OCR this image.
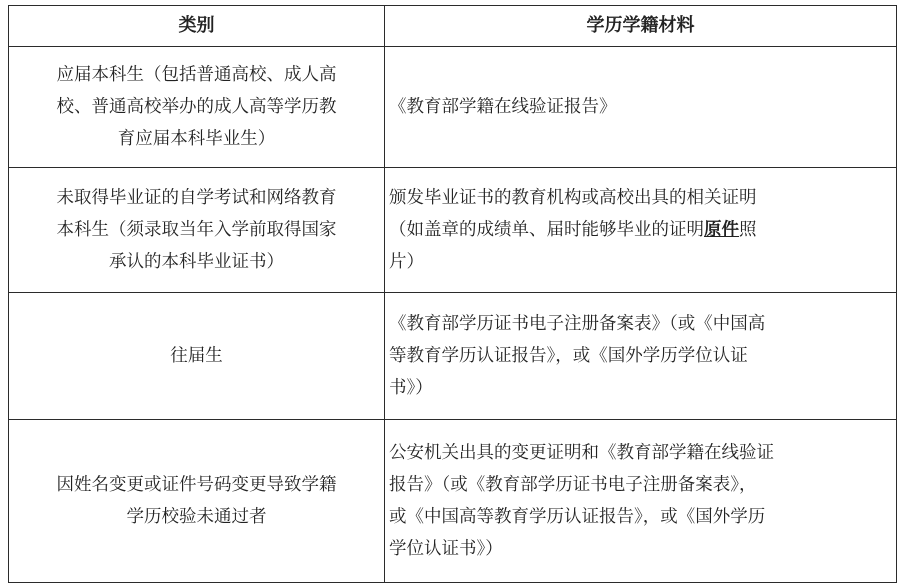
类别	学历学籍材料

应届本科生（包括普通高校、成人高
校、普通高校举办的成人高等学历教
育应届本科毕业生）	《教育部学籍在线验证报告》

未取得毕业证的自学考试和网络教育
本科生（须录取当年入学前取得国家
承认的本科毕业证书）	颁发毕业证书的教育机构或高校出具的相关证明
（如盖章的成绩单、届时能够毕业的证明原件照
片）

往届生	《教育部学历证书电子注册备案表》（或《中国高
等教育学历认证报告》，或《国外学历学位认证
书》）

因姓名变更或证件号码变更导致学籍
学历校验未通过者	公安机关出具的变更证明和《教育部学籍在线验证
报告》（或《教育部学历证书电子注册备案表》，
或《中国高等教育学历认证报告》，或《国外学历
学位认证书》）
